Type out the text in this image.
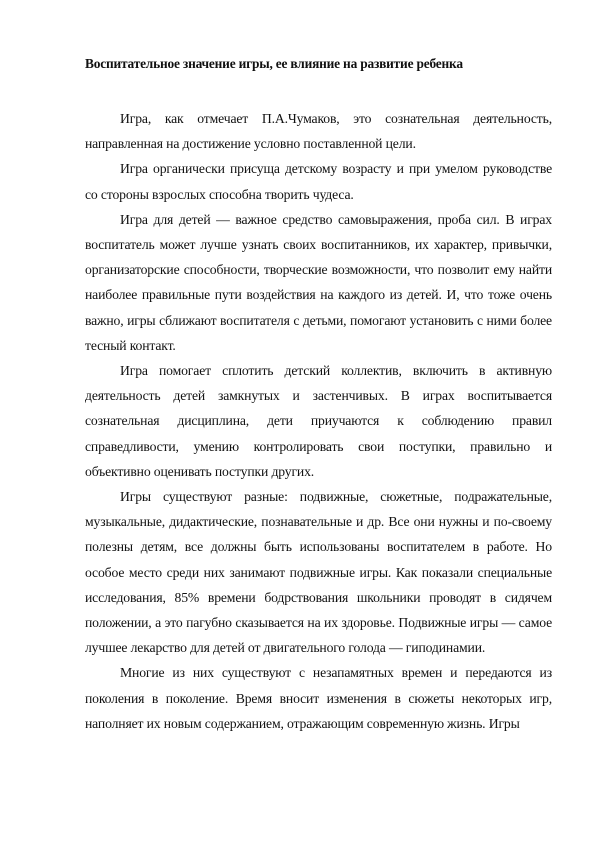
Воспитательное значение игры, ее влияние на развитие ребенка

Игра, как отмечает П.А.Чумаков, это сознательная деятельность, направленная на достижение условно поставленной цели.

Игра органически присуща детскому возрасту и при умелом руководстве со стороны взрослых способна творить чудеса.

Игра для детей — важное средство самовыражения, проба сил. В играх воспитатель может лучше узнать своих воспитанников, их характер, привычки, организаторские способности, творческие возможности, что позволит ему найти наиболее правильные пути воздействия на каждого из детей. И, что тоже очень важно, игры сближают воспитателя с детьми, помогают установить с ними более тесный контакт.

Игра помогает сплотить детский коллектив, включить в активную деятельность детей замкнутых и застенчивых. В играх воспитывается сознательная дисциплина, дети приучаются к соблюдению правил справедливости, умению контролировать свои поступки, правильно и объективно оценивать поступки других.

Игры существуют разные: подвижные, сюжетные, подражательные, музыкальные, дидактические, познавательные и др. Все они нужны и по-своему полезны детям, все должны быть использованы воспитателем в работе. Но особое место среди них занимают подвижные игры. Как показали специальные исследования, 85% времени бодрствования школьники проводят в сидячем положении, а это пагубно сказывается на их здоровье. Подвижные игры — самое лучшее лекарство для детей от двигательного голода — гиподинамии.

Многие из них существуют с незапамятных времен и передаются из поколения в поколение. Время вносит изменения в сюжеты некоторых игр, наполняет их новым содержанием, отражающим современную жизнь. Игры
